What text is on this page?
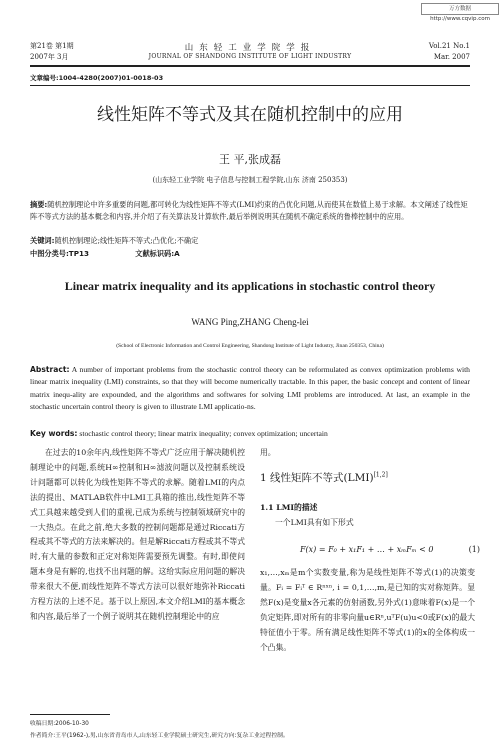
万方数据 http://www.cqvip.com
第21卷 第1期
2007年 3月
山东轻工业学院学报
JOURNAL OF SHANDONG INSTITUTE OF LIGHT INDUSTRY
Vol.21 No.1
Mar. 2007
文章编号:1004-4280(2007)01-0018-03
线性矩阵不等式及其在随机控制中的应用
王 平,张成磊
(山东轻工业学院 电子信息与控制工程学院,山东 济南 250353)
摘要:随机控制理论中许多重要的问题,都可转化为线性矩阵不等式(LMI)约束的凸优化问题,从而使其在数值上易于求解。本文阐述了线性矩阵不等式方法的基本概念和内容,并介绍了有关算法及计算软件,最后举例说明其在随机不确定系统的鲁棒控制中的应用。
关键词:随机控制理论;线性矩阵不等式;凸优化;不确定
中图分类号:TP13	文献标识码:A
Linear matrix inequality and its applications in stochastic control theory
WANG Ping,ZHANG Cheng-lei
(School of Electronic Information and Control Engineering, Shandong Institute of Light Industry, Jinan 250353, China)
Abstract: A number of important problems from the stochastic control theory can be reformulated as convex optimization problems with linear matrix inequality (LMI) constraints, so that they will become numerically tractable. In this paper, the basic concept and content of linear matrix inequ-ality are expounded, and the algorithms and softwares for solving LMI problems are introduced. At last, an example in the stochastic uncertain control theory is given to illustrate LMI applicatio-ns.
Key words: stochastic control theory; linear matrix inequality; convex optimization; uncertain
在过去的10余年内,线性矩阵不等式广泛应用于解决随机控制理论中的问题,系统H∞控制和H∞滤波问题以及控制系统设计问题都可以转化为线性矩阵不等式的求解。随着LMI的内点法的提出、MATLAB软件中LMI工具箱的推出,线性矩阵不等式工具越来越受到人们的重视,已成为系统与控制领域研究中的一大热点。在此之前,绝大多数的控制问题都是通过Riccati方程或其不等式的方法来解决的。但是解Riccati方程或其不等式时,有大量的参数和正定对称矩阵需要预先调整。有时,即使问题本身是有解的,也找不出问题的解。这给实际应用问题的解决带来很大不便,而线性矩阵不等式方法可以很好地弥补Riccati方程方法的上述不足。基于以上原因,本文介绍LMI的基本概念和内容,最后举了一个例子说明其在随机控制理论中的应
用。
1 线性矩阵不等式(LMI)[1,2]
1.1 LMI的描述
一个LMI具有如下形式
F(x) = F₀ + x₁F₁ + … + xₘFₘ < 0	(1)
x₁,…,xₘ是m个实数变量,称为是线性矩阵不等式(1)的决策变量。Fᵢ = Fᵢᵀ ∈ Rⁿˣⁿ, i = 0,1,…,m,是已知的实对称矩阵。显然F(x)是变量x各元素的仿射函数,另外式(1)意味着F(x)是一个负定矩阵,即对所有的非零向量u∈Rⁿ,uᵀF(u)u<0或F(x)的最大特征值小于零。所有满足线性矩阵不等式(1)的x的全体构成一个凸集。
收稿日期:2006-10-30
作者简介:王平(1962-),男,山东省青岛市人,山东轻工业学院硕士研究生,研究方向:复杂工业过程控制。
